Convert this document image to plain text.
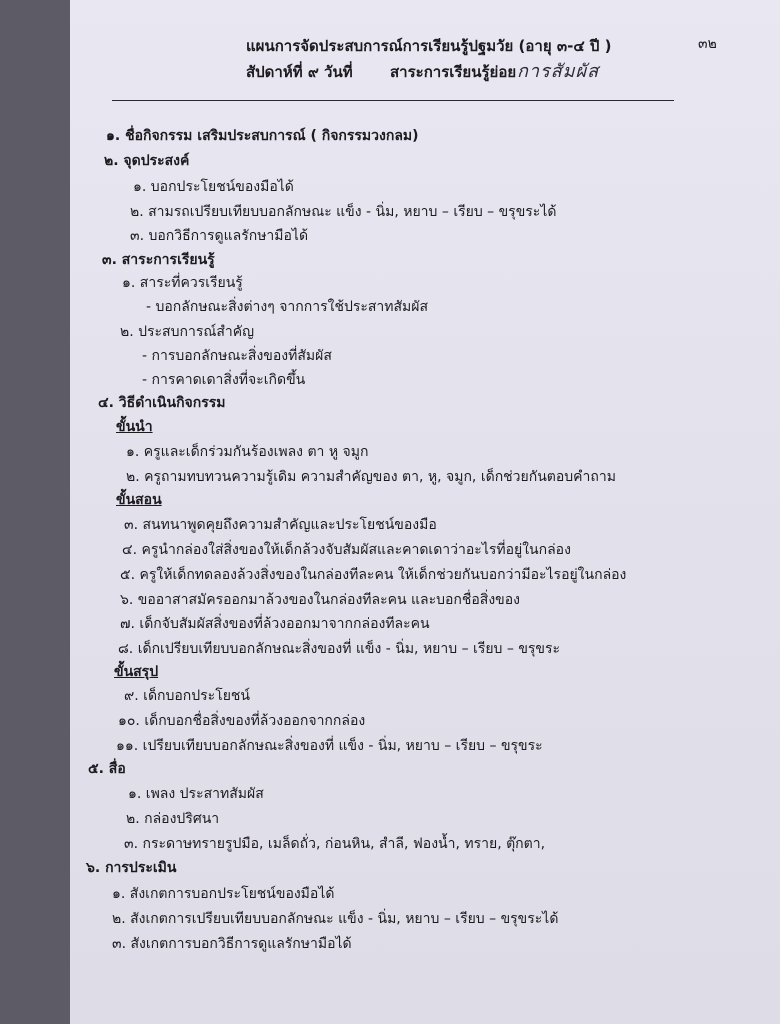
แผนการจัดประสบการณ์การเรียนรู้ปฐมวัย (อายุ ๓-๔ ปี )	๓๒
สัปดาห์ที่ ๙ วันที่ สาระการเรียนรู้ย่อย การสัมผัส
๑. ชื่อกิจกรรม เสริมประสบการณ์ ( กิจกรรมวงกลม)
๒. จุดประสงค์
๑. บอกประโยชน์ของมือได้
๒. สามรถเปรียบเทียบบอกลักษณะ แข็ง - นิ่ม, หยาบ – เรียบ – ขรุขระได้
๓. บอกวิธีการดูแลรักษามือได้
๓. สาระการเรียนรู้
๑. สาระที่ควรเรียนรู้
- บอกลักษณะสิ่งต่างๆ จากการใช้ประสาทสัมผัส
๒. ประสบการณ์สำคัญ
- การบอกลักษณะสิ่งของที่สัมผัส
- การคาดเดาสิ่งที่จะเกิดขึ้น
๔. วิธีดำเนินกิจกรรม
ขั้นนำ
๑. ครูและเด็กร่วมกันร้องเพลง ตา หู จมูก
๒. ครูถามทบทวนความรู้เดิม ความสำคัญของ ตา, หู, จมูก, เด็กช่วยกันตอบคำถาม
ขั้นสอน
๓. สนทนาพูดคุยถึงความสำคัญและประโยชน์ของมือ
๔. ครูนำกล่องใส่สิ่งของให้เด็กล้วงจับสัมผัสและคาดเดาว่าอะไรที่อยู่ในกล่อง
๕. ครูให้เด็กทดลองล้วงสิ่งของในกล่องทีละคน ให้เด็กช่วยกันบอกว่ามีอะไรอยู่ในกล่อง
๖. ขออาสาสมัครออกมาล้วงของในกล่องทีละคน และบอกชื่อสิ่งของ
๗. เด็กจับสัมผัสสิ่งของที่ล้วงออกมาจากกล่องทีละคน
๘. เด็กเปรียบเทียบบอกลักษณะสิ่งของที่ แข็ง - นิ่ม, หยาบ – เรียบ – ขรุขระ
ขั้นสรุป
๙. เด็กบอกประโยชน์
๑๐. เด็กบอกชื่อสิ่งของที่ล้วงออกจากกล่อง
๑๑. เปรียบเทียบบอกลักษณะสิ่งของที่ แข็ง - นิ่ม, หยาบ – เรียบ – ขรุขระ
๕. สื่อ
๑. เพลง ประสาทสัมผัส
๒. กล่องปริศนา
๓. กระดาษทรายรูปมือ, เมล็ดถั่ว, ก่อนหิน, สำลี, ฟองน้ำ, ทราย, ตุ๊กตา,
๖. การประเมิน
๑. สังเกตการบอกประโยชน์ของมือได้
๒. สังเกตการเปรียบเทียบบอกลักษณะ แข็ง - นิ่ม, หยาบ – เรียบ – ขรุขระได้
๓. สังเกตการบอกวิธีการดูแลรักษามือได้
